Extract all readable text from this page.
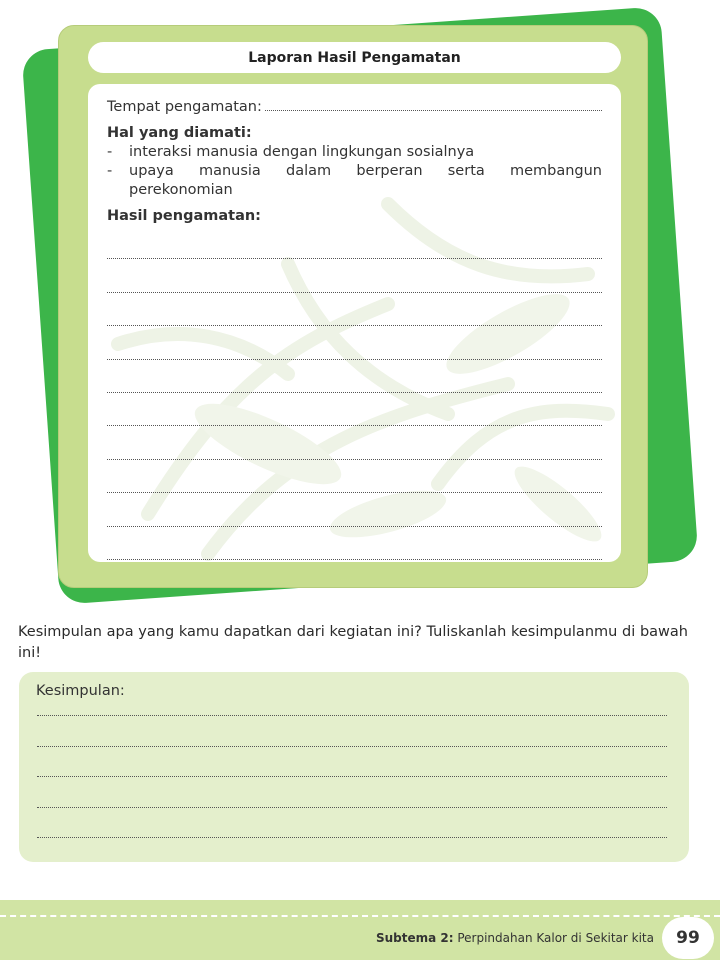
Laporan Hasil Pengamatan
Tempat pengamatan:
Hal yang diamati:
-	interaksi manusia dengan lingkungan sosialnya
-	upaya manusia dalam berperan serta membangun perekonomian
Hasil pengamatan:
Kesimpulan apa yang kamu dapatkan dari kegiatan ini? Tuliskanlah kesimpulanmu di bawah ini!
Kesimpulan:
Subtema 2: Perpindahan Kalor di Sekitar kita	99
